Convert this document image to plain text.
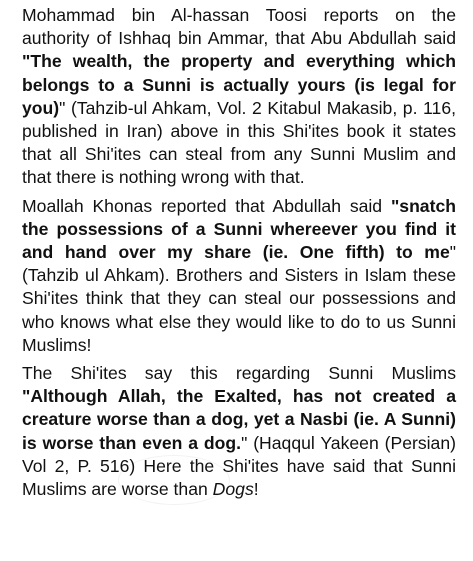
Mohammad bin Al-hassan Toosi reports on the authority of Ishhaq bin Ammar, that Abu Abdullah said "The wealth, the property and everything which belongs to a Sunni is actually yours (is legal for you)" (Tahzib-ul Ahkam, Vol. 2 Kitabul Makasib, p. 116, published in Iran) above in this Shi'ites book it states that all Shi'ites can steal from any Sunni Muslim and that there is nothing wrong with that.

Moallah Khonas reported that Abdullah said "snatch the possessions of a Sunni whereever you find it and hand over my share (ie. One fifth) to me" (Tahzib ul Ahkam). Brothers and Sisters in Islam these Shi'ites think that they can steal our possessions and who knows what else they would like to do to us Sunni Muslims!

The Shi'ites say this regarding Sunni Muslims "Although Allah, the Exalted, has not created a creature worse than a dog, yet a Nasbi (ie. A Sunni) is worse than even a dog." (Haqqul Yakeen (Persian) Vol 2, P. 516) Here the Shi'ites have said that Sunni Muslims are worse than Dogs!
